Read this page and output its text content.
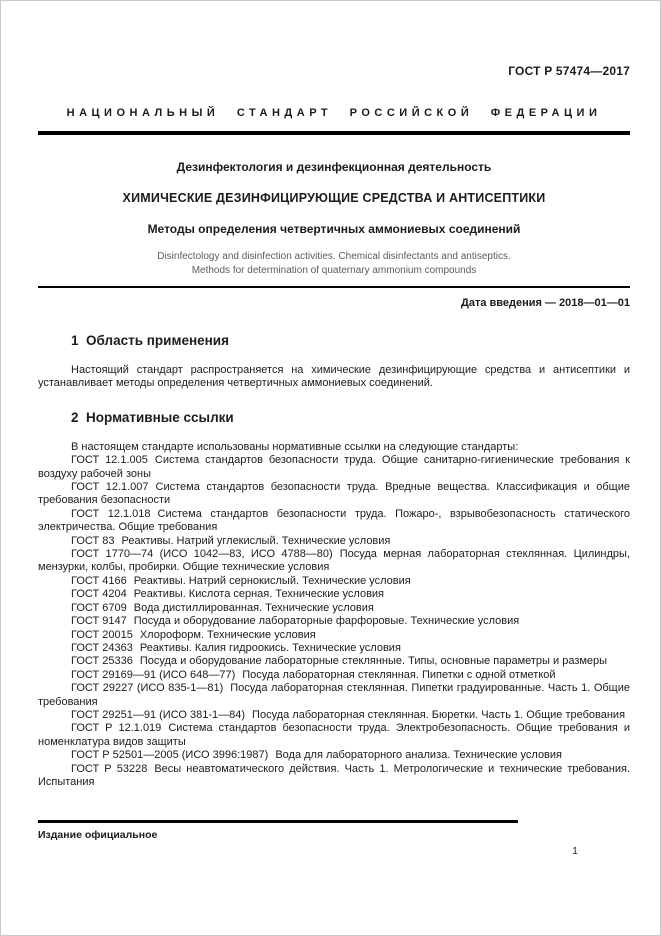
ГОСТ Р 57474—2017
НАЦИОНАЛЬНЫЙ СТАНДАРТ РОССИЙСКОЙ ФЕДЕРАЦИИ

Дезинфектология и дезинфекционная деятельность

ХИМИЧЕСКИЕ ДЕЗИНФИЦИРУЮЩИЕ СРЕДСТВА И АНТИСЕПТИКИ

Методы определения четвертичных аммониевых соединений

Disinfectology and disinfection activities. Chemical disinfectants and antiseptics.

Methods for determination of quaternary ammonium compounds

Дата введения — 2018—01—01
1  Область применения

Настоящий стандарт распространяется на химические дезинфицирующие средства и антисептики и устанавливает методы определения четвертичных аммониевых соединений.

2  Нормативные ссылки

В настоящем стандарте использованы нормативные ссылки на следующие стандарты:

ГОСТ 12.1.005 Система стандартов безопасности труда. Общие санитарно-гигиенические требования к воздуху рабочей зоны

ГОСТ 12.1.007 Система стандартов безопасности труда. Вредные вещества. Классификация и общие требования безопасности

ГОСТ 12.1.018 Система стандартов безопасности труда. Пожаро-, взрывобезопасность статического электричества. Общие требования

ГОСТ 83 Реактивы. Натрий углекислый. Технические условия

ГОСТ 1770—74 (ИСО 1042—83, ИСО 4788—80) Посуда мерная лабораторная стеклянная. Цилиндры, мензурки, колбы, пробирки. Общие технические условия

ГОСТ 4166 Реактивы. Натрий сернокислый. Технические условия

ГОСТ 4204 Реактивы. Кислота серная. Технические условия

ГОСТ 6709 Вода дистиллированная. Технические условия

ГОСТ 9147 Посуда и оборудование лабораторные фарфоровые. Технические условия

ГОСТ 20015 Хлороформ. Технические условия

ГОСТ 24363 Реактивы. Калия гидроокись. Технические условия

ГОСТ 25336 Посуда и оборудование лабораторные стеклянные. Типы, основные параметры и размеры

ГОСТ 29169—91 (ИСО 648—77) Посуда лабораторная стеклянная. Пипетки с одной отметкой

ГОСТ 29227 (ИСО 835-1—81) Посуда лабораторная стеклянная. Пипетки градуированные. Часть 1. Общие требования

ГОСТ 29251—91 (ИСО 381-1—84) Посуда лабораторная стеклянная. Бюретки. Часть 1. Общие требования

ГОСТ Р 12.1.019 Система стандартов безопасности труда. Электробезопасность. Общие требования и номенклатура видов защиты

ГОСТ Р 52501—2005 (ИСО 3996:1987) Вода для лабораторного анализа. Технические условия

ГОСТ Р 53228 Весы неавтоматического действия. Часть 1. Метрологические и технические требования. Испытания

Издание официальное
1
